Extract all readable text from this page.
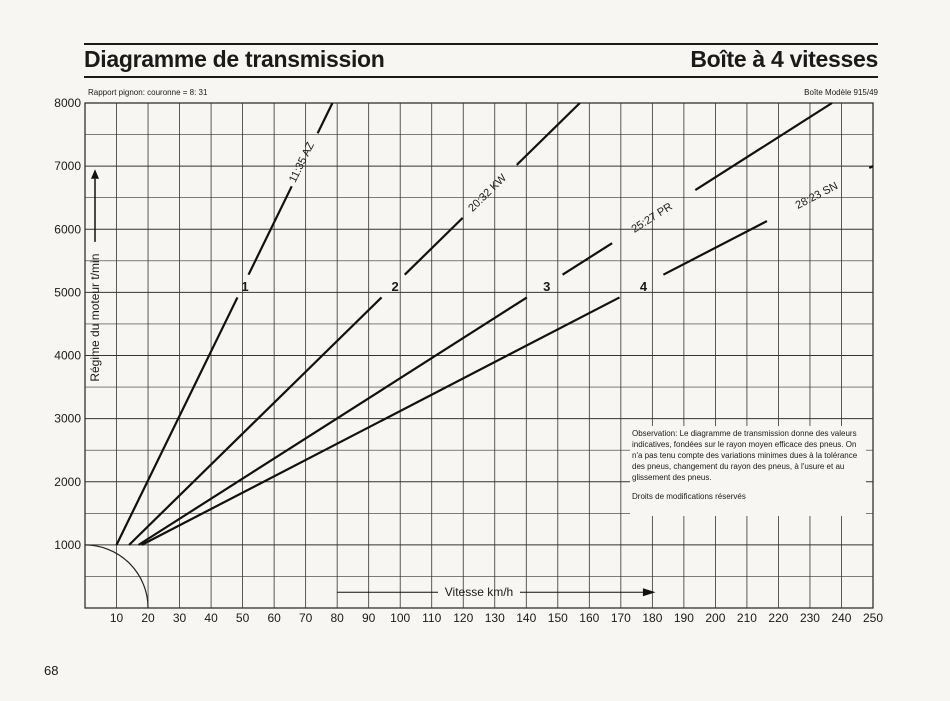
Diagramme de transmission	Boîte à 4 vitesses
Rapport pignon: couronne = 8: 31	Boîte Modèle 915/49
10 20 30 40 50 60 70 80 90 100 110 120 130 140 150 160 170 180 190 200 210 220 230 240 250
1000
2000
3000
4000
5000
6000
7000
8000
Régime du moteur t/min
Vitesse km/h
1
11:35 AZ
2
20:32 KW
3
25:27 PR
4
28:23 SN
Observation: Le diagramme de transmission donne des valeurs indicatives, fondées sur le rayon moyen efficace des pneus. On n'a pas tenu compte des variations minimes dues à la tolérance des pneus, changement du rayon des pneus, à l'usure et au glissement des pneus.
Droits de modifications réservés
68
